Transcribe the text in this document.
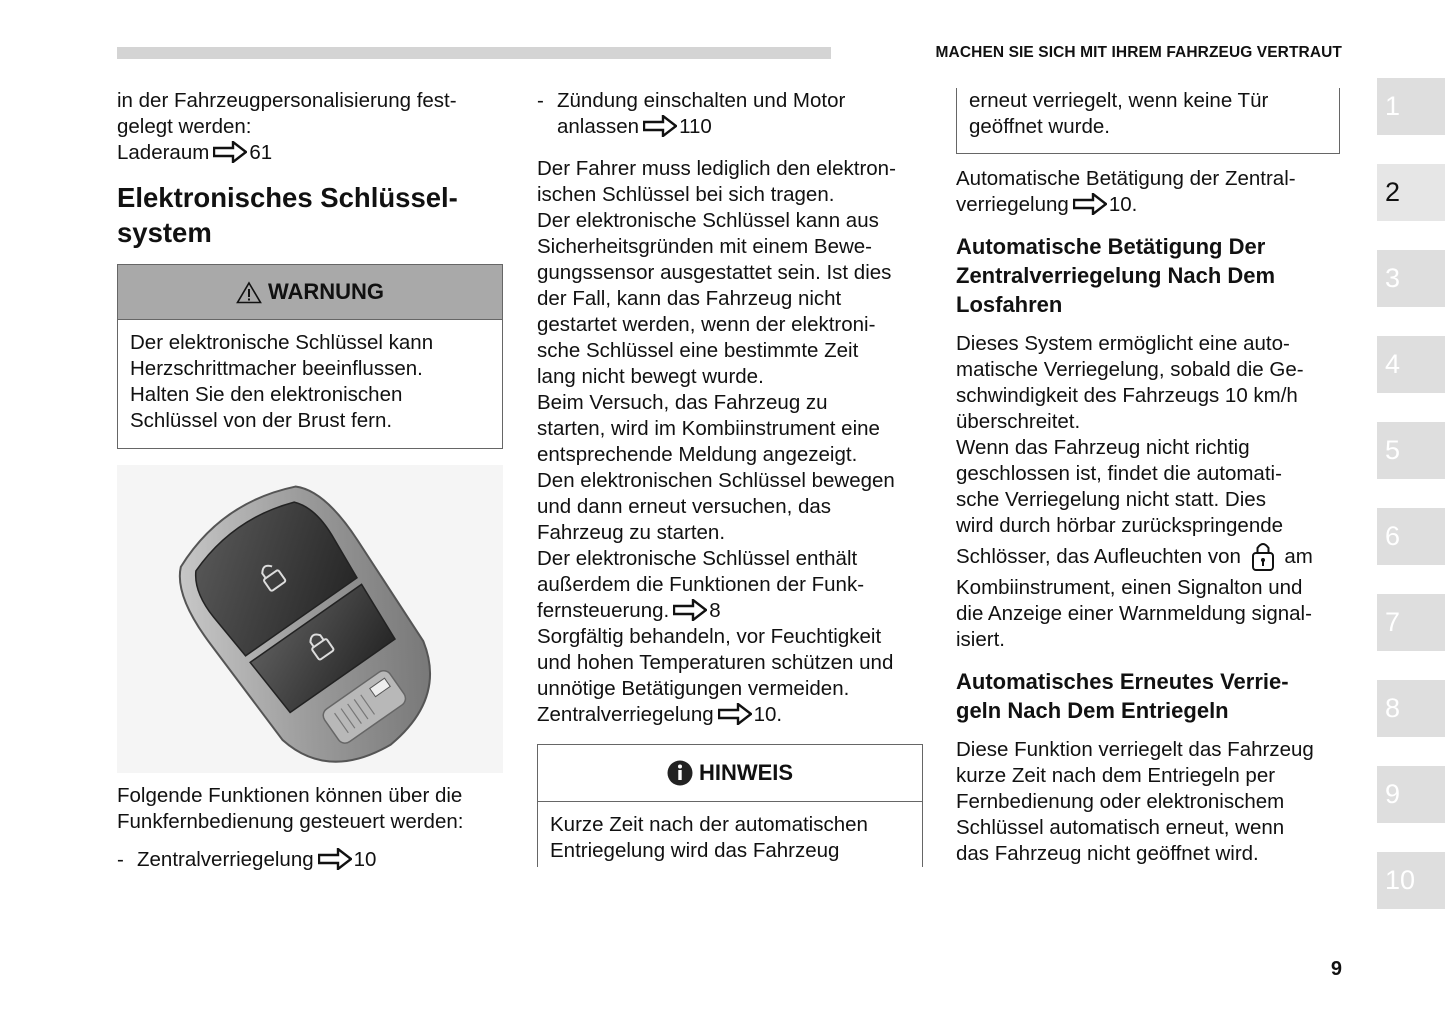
MACHEN SIE SICH MIT IHREM FAHRZEUG VERTRAUT

in der Fahrzeugpersonalisierung fest-

gelegt werden:

Laderaum 61

Elektronisches Schlüssel-
system
WARNUNG

Der elektronische Schlüssel kann

Herzschrittmacher beeinflussen.

Halten Sie den elektronischen

Schlüssel von der Brust fern.

Folgende Funktionen können über die

Funkfernbedienung gesteuert werden:

- Zentralverriegelung 10
- Zündung einschalten und Motor
anlassen 110

Der Fahrer muss lediglich den elektron-

ischen Schlüssel bei sich tragen.

Der elektronische Schlüssel kann aus

Sicherheitsgründen mit einem Bewe-

gungssensor ausgestattet sein. Ist dies

der Fall, kann das Fahrzeug nicht

gestartet werden, wenn der elektroni-

sche Schlüssel eine bestimmte Zeit

lang nicht bewegt wurde.

Beim Versuch, das Fahrzeug zu

starten, wird im Kombiinstrument eine

entsprechende Meldung angezeigt.

Den elektronischen Schlüssel bewegen

und dann erneut versuchen, das

Fahrzeug zu starten.

Der elektronische Schlüssel enthält

außerdem die Funktionen der Funk-

fernsteuerung. 8

Sorgfältig behandeln, vor Feuchtigkeit

und hohen Temperaturen schützen und

unnötige Betätigungen vermeiden.

Zentralverriegelung 10.

HINWEIS

Kurze Zeit nach der automatischen

Entriegelung wird das Fahrzeug

erneut verriegelt, wenn keine Tür

geöffnet wurde.

Automatische Betätigung der Zentral-

verriegelung 10.

Automatische Betätigung Der
Zentralverriegelung Nach Dem
Losfahren

Dieses System ermöglicht eine auto-

matische Verriegelung, sobald die Ge-

schwindigkeit des Fahrzeugs 10 km/h

überschreitet.

Wenn das Fahrzeug nicht richtig

geschlossen ist, findet die automati-

sche Verriegelung nicht statt. Dies

wird durch hörbar zurückspringende

Schlösser, das Aufleuchten von am

Kombiinstrument, einen Signalton und

die Anzeige einer Warnmeldung signal-

isiert.

Automatisches Erneutes Verrie-
geln Nach Dem Entriegeln

Diese Funktion verriegelt das Fahrzeug

kurze Zeit nach dem Entriegeln per

Fernbedienung oder elektronischem

Schlüssel automatisch erneut, wenn

das Fahrzeug nicht geöffnet wird.

1
2
3
4
5
6
7
8
9
10
9
